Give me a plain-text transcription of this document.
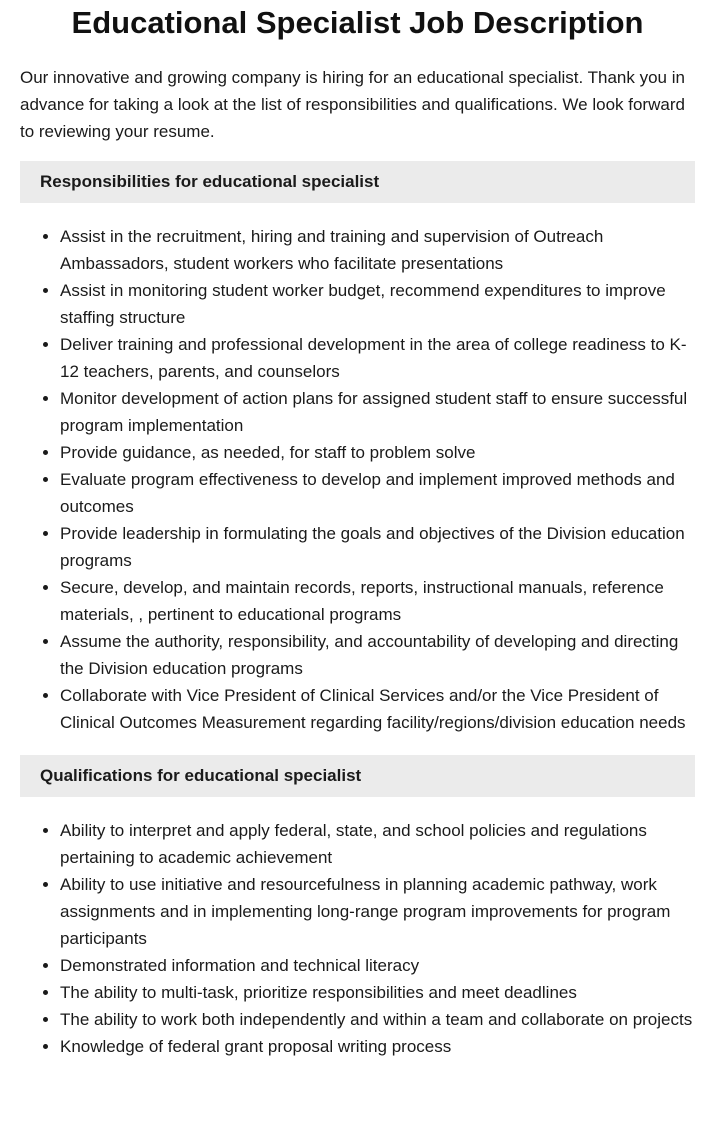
Educational Specialist Job Description

Our innovative and growing company is hiring for an educational specialist. Thank you in advance for taking a look at the list of responsibilities and qualifications. We look forward to reviewing your resume.

Responsibilities for educational specialist
• Assist in the recruitment, hiring and training and supervision of Outreach Ambassadors, student workers who facilitate presentations
• Assist in monitoring student worker budget, recommend expenditures to improve staffing structure
• Deliver training and professional development in the area of college readiness to K-12 teachers, parents, and counselors
• Monitor development of action plans for assigned student staff to ensure successful program implementation
• Provide guidance, as needed, for staff to problem solve
• Evaluate program effectiveness to develop and implement improved methods and outcomes
• Provide leadership in formulating the goals and objectives of the Division education programs
• Secure, develop, and maintain records, reports, instructional manuals, reference materials, , pertinent to educational programs
• Assume the authority, responsibility, and accountability of developing and directing the Division education programs
• Collaborate with Vice President of Clinical Services and/or the Vice President of Clinical Outcomes Measurement regarding facility/regions/division education needs
Qualifications for educational specialist
• Ability to interpret and apply federal, state, and school policies and regulations pertaining to academic achievement
• Ability to use initiative and resourcefulness in planning academic pathway, work assignments and in implementing long-range program improvements for program participants
• Demonstrated information and technical literacy
• The ability to multi-task, prioritize responsibilities and meet deadlines
• The ability to work both independently and within a team and collaborate on projects
• Knowledge of federal grant proposal writing process
